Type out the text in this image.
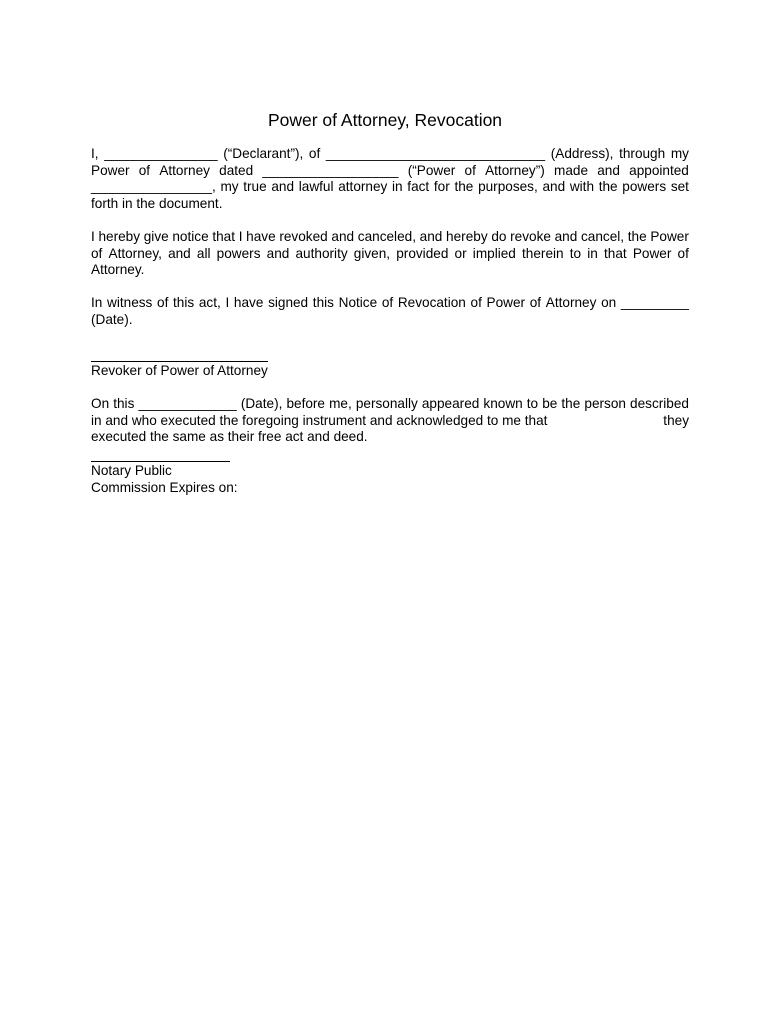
Power of Attorney, Revocation
I, _______________ (“Declarant”), of _____________________________ (Address), through my
Power of Attorney dated __________________ (“Power of Attorney”) made and appointed
________________, my true and lawful attorney in fact for the purposes, and with the powers set
forth in the document.
I hereby give notice that I have revoked and canceled, and hereby do revoke and cancel, the Power
of Attorney, and all powers and authority given, provided or implied therein to in that Power of
Attorney.
In witness of this act, I have signed this Notice of Revocation of Power of Attorney on _________
(Date).
Revoker of Power of Attorney
On this _____________ (Date), before me, personally appeared known to be the person described
in and who executed the foregoing instrument and acknowledged to me that	they
executed the same as their free act and deed.
Notary Public
Commission Expires on:
